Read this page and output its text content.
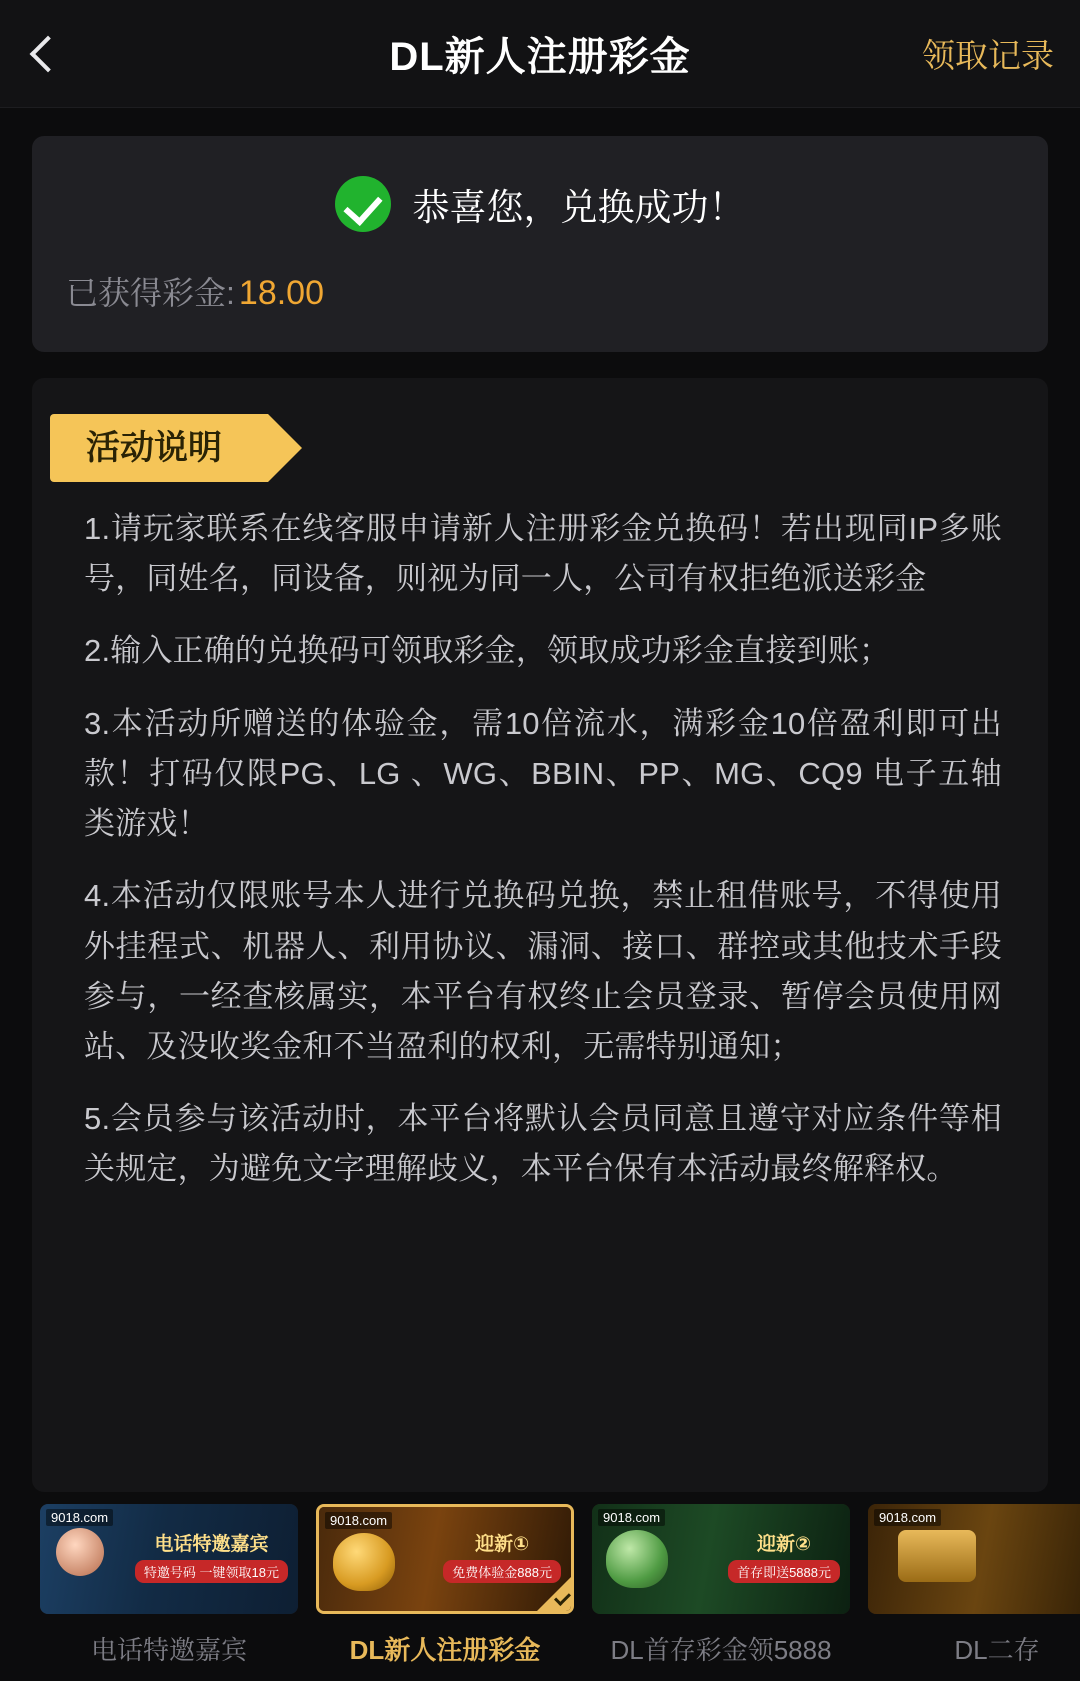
DL新人注册彩金	领取记录
恭喜您，兑换成功！
已获得彩金: 18.00
活动说明

1.请玩家联系在线客服申请新人注册彩金兑换码！若出现同IP多账号，同姓名，同设备，则视为同一人，公司有权拒绝派送彩金

2.输入正确的兑换码可领取彩金，领取成功彩金直接到账；

3.本活动所赠送的体验金，需10倍流水，满彩金10倍盈利即可出款！打码仅限PG、LG 、WG、BBIN、PP、MG、CQ9 电子五轴类游戏！

4.本活动仅限账号本人进行兑换码兑换，禁止租借账号，不得使用外挂程式、机器人、利用协议、漏洞、接口、群控或其他技术手段参与，一经查核属实，本平台有权终止会员登录、暂停会员使用网站、及没收奖金和不当盈利的权利，无需特别通知；

5.会员参与该活动时，本平台将默认会员同意且遵守对应条件等相关规定，为避免文字理解歧义，本平台保有本活动最终解释权。

9018.com
电话特邀嘉宾
特邀号码 一键领取18元
电话特邀嘉宾
9018.com
迎新①
免费体验金888元
DL新人注册彩金
9018.com
迎新②
首存即送5888元
DL首存彩金领5888
9018.com
DL二存
